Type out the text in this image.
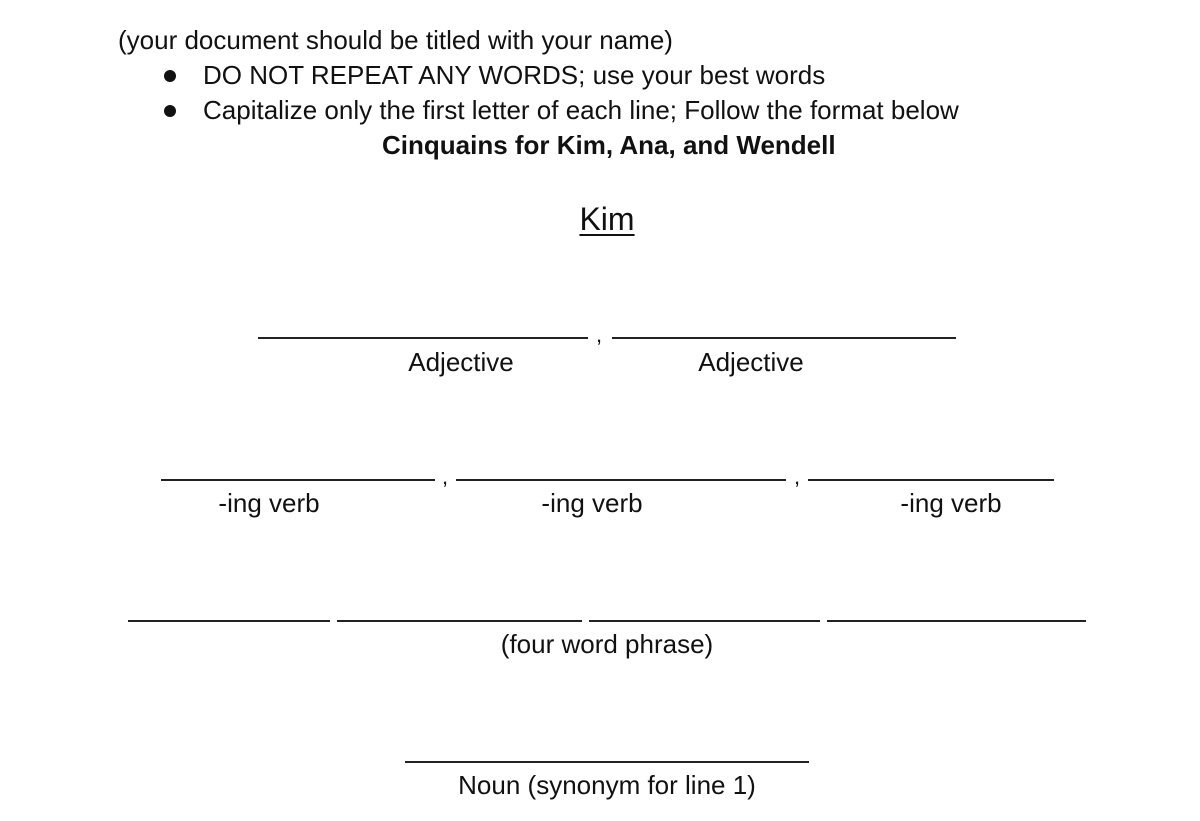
(your document should be titled with your name)
DO NOT REPEAT ANY WORDS; use your best words
Capitalize only the first letter of each line; Follow the format below
Cinquains for Kim, Ana, and Wendell
Kim
,
Adjective	Adjective
,	,
-ing verb	-ing verb	-ing verb
(four word phrase)
Noun (synonym for line 1)
